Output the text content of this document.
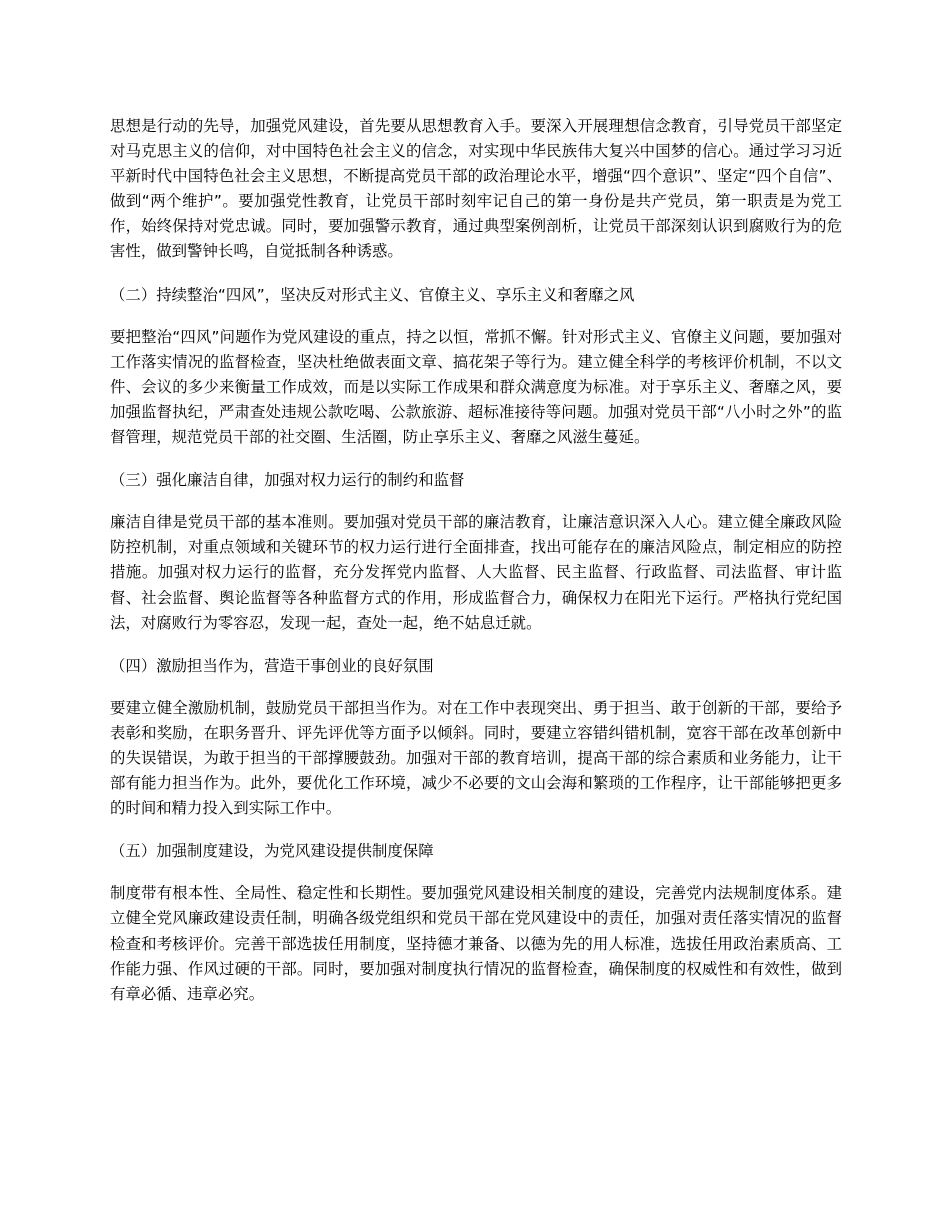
思想是行动的先导，加强党风建设，首先要从思想教育入手。要深入开展理想信念教育，引导党员干部坚定对马克思主义的信仰，对中国特色社会主义的信念，对实现中华民族伟大复兴中国梦的信心。通过学习习近平新时代中国特色社会主义思想，不断提高党员干部的政治理论水平，增强“四个意识”、坚定“四个自信”、做到“两个维护”。要加强党性教育，让党员干部时刻牢记自己的第一身份是共产党员，第一职责是为党工作，始终保持对党忠诚。同时，要加强警示教育，通过典型案例剖析，让党员干部深刻认识到腐败行为的危害性，做到警钟长鸣，自觉抵制各种诱惑。

（二）持续整治“四风”，坚决反对形式主义、官僚主义、享乐主义和奢靡之风

要把整治“四风”问题作为党风建设的重点，持之以恒，常抓不懈。针对形式主义、官僚主义问题，要加强对工作落实情况的监督检查，坚决杜绝做表面文章、搞花架子等行为。建立健全科学的考核评价机制，不以文件、会议的多少来衡量工作成效，而是以实际工作成果和群众满意度为标准。对于享乐主义、奢靡之风，要加强监督执纪，严肃查处违规公款吃喝、公款旅游、超标准接待等问题。加强对党员干部“八小时之外”的监督管理，规范党员干部的社交圈、生活圈，防止享乐主义、奢靡之风滋生蔓延。

（三）强化廉洁自律，加强对权力运行的制约和监督

廉洁自律是党员干部的基本准则。要加强对党员干部的廉洁教育，让廉洁意识深入人心。建立健全廉政风险防控机制，对重点领域和关键环节的权力运行进行全面排查，找出可能存在的廉洁风险点，制定相应的防控措施。加强对权力运行的监督，充分发挥党内监督、人大监督、民主监督、行政监督、司法监督、审计监督、社会监督、舆论监督等各种监督方式的作用，形成监督合力，确保权力在阳光下运行。严格执行党纪国法，对腐败行为零容忍，发现一起，查处一起，绝不姑息迁就。

（四）激励担当作为，营造干事创业的良好氛围

要建立健全激励机制，鼓励党员干部担当作为。对在工作中表现突出、勇于担当、敢于创新的干部，要给予表彰和奖励，在职务晋升、评先评优等方面予以倾斜。同时，要建立容错纠错机制，宽容干部在改革创新中的失误错误，为敢于担当的干部撑腰鼓劲。加强对干部的教育培训，提高干部的综合素质和业务能力，让干部有能力担当作为。此外，要优化工作环境，减少不必要的文山会海和繁琐的工作程序，让干部能够把更多的时间和精力投入到实际工作中。

（五）加强制度建设，为党风建设提供制度保障

制度带有根本性、全局性、稳定性和长期性。要加强党风建设相关制度的建设，完善党内法规制度体系。建立健全党风廉政建设责任制，明确各级党组织和党员干部在党风建设中的责任，加强对责任落实情况的监督检查和考核评价。完善干部选拔任用制度，坚持德才兼备、以德为先的用人标准，选拔任用政治素质高、工作能力强、作风过硬的干部。同时，要加强对制度执行情况的监督检查，确保制度的权威性和有效性，做到有章必循、违章必究。
